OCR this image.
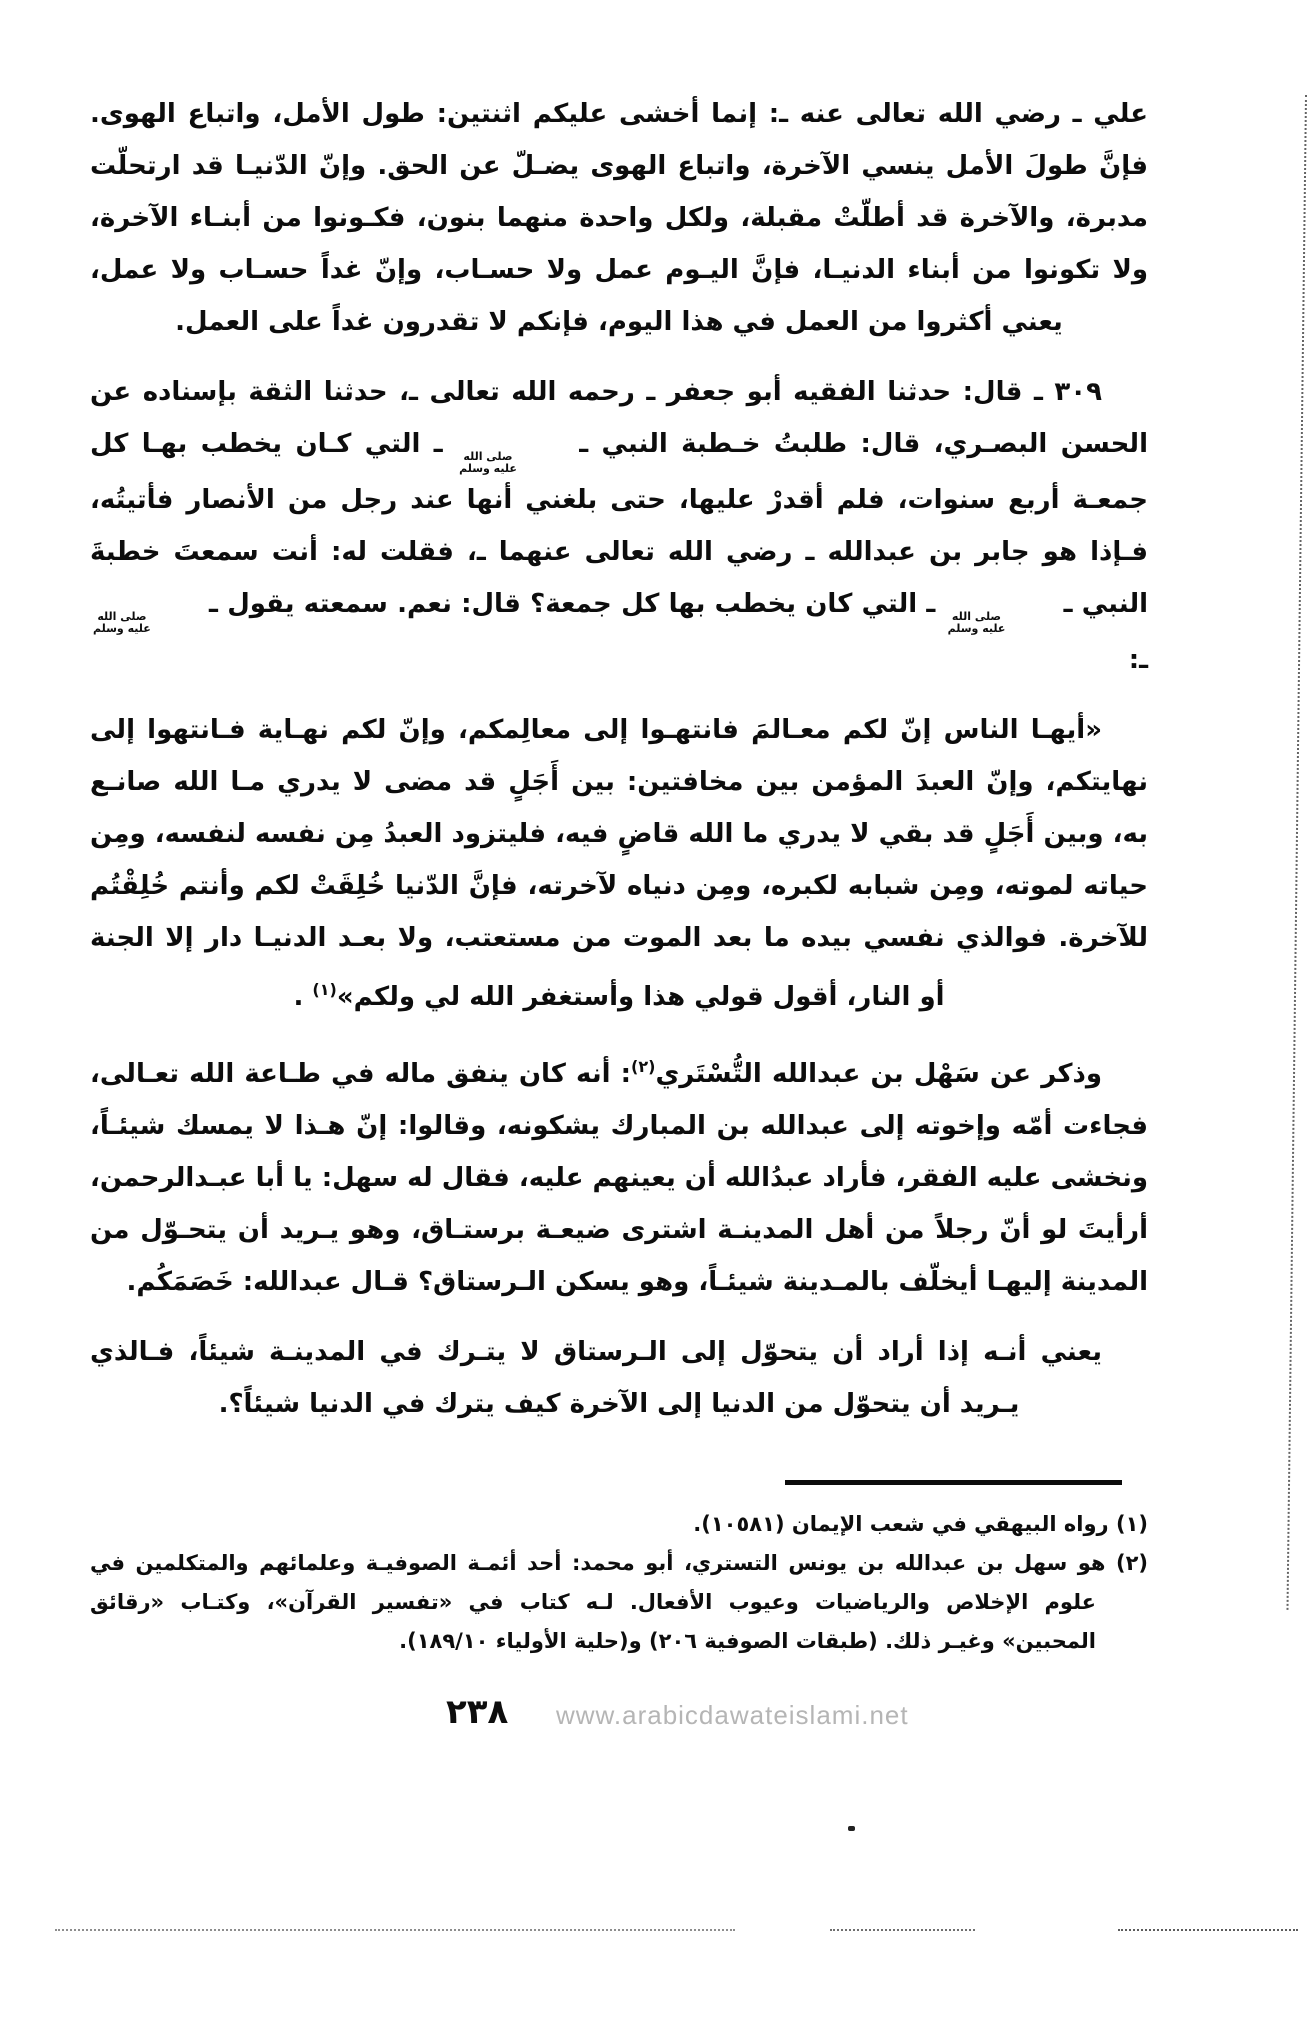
علي ـ رضي الله تعالى عنه ـ: إنما أخشى عليكم اثنتين: طول الأمل، واتباع الهوى. فإنَّ طولَ الأمل ينسي الآخرة، واتباع الهوى يضـلّ عن الحق. وإنّ الدّنيـا قد ارتحلّت مدبرة، والآخرة قد أطلّتْ مقبلة، ولكل واحدة منهما بنون، فكـونوا من أبنـاء الآخرة، ولا تكونوا من أبناء الدنيـا، فإنَّ اليـوم عمل ولا حسـاب، وإنّ غداً حسـاب ولا عمل، يعني أكثروا من العمل في هذا اليوم، فإنكم لا تقدرون غداً على العمل.

٣٠٩ ـ قال: حدثنا الفقيه أبو جعفر ـ رحمه الله تعالى ـ، حدثنا الثقة بإسناده عن الحسن البصـري، قال: طلبتُ خـطبة النبي ـ
صلى الله
عليه وسلم
ـ التي كـان يخطب بهـا كل جمعـة أربع سنوات، فلم أقدرْ عليها، حتى بلغني أنها عند رجل من الأنصار فأتيتُه، فـإذا هو جابر بن عبدالله ـ رضي الله تعالى عنهما ـ، فقلت له: أنت سمعتَ خطبةَ النبي ـ
صلى الله
عليه وسلم
ـ التي كان يخطب بها كل جمعة؟ قال: نعم. سمعته يقول ـ
صلى الله
عليه وسلم
ـ:

«أيهـا الناس إنّ لكم معـالمَ فانتهـوا إلى معالِمكم، وإنّ لكم نهـاية فـانتهوا إلى نهايتكم، وإنّ العبدَ المؤمن بين مخافتين: بين أَجَلٍ قد مضى لا يدري مـا الله صانـع به، وبين أَجَلٍ قد بقي لا يدري ما الله قاضٍ فيه، فليتزود العبدُ مِن نفسه لنفسه، ومِن حياته لموته، ومِن شبابه لكبره، ومِن دنياه لآخرته، فإنَّ الدّنيا خُلِقَتْ لكم وأنتم خُلِقْتُم للآخرة. فوالذي نفسي بيده ما بعد الموت من مستعتب، ولا بعـد الدنيـا دار إلا الجنة أو النار، أقول قولي هذا وأستغفر الله لي ولكم»$^{(١)}$ .

وذكر عن سَهْل بن عبدالله التُّسْتَري$^{(٢)}$: أنه كان ينفق ماله في طـاعة الله تعـالى، فجاءت أمّه وإخوته إلى عبدالله بن المبارك يشكونه، وقالوا: إنّ هـذا لا يمسك شيئـاً، ونخشى عليه الفقر، فأراد عبدُالله أن يعينهم عليه، فقال له سهل: يا أبا عبـدالرحمن، أرأيتَ لو أنّ رجلاً من أهل المدينـة اشترى ضيعـة برستـاق، وهو يـريد أن يتحـوّل من المدينة إليهـا أيخلّف بالمـدينة شيئـاً، وهو يسكن الـرستاق؟ قـال عبدالله: خَصَمَكُم.

يعني أنـه إذا أراد أن يتحوّل إلى الـرستاق لا يتـرك في المدينـة شيئاً، فـالذي يـريد أن يتحوّل من الدنيا إلى الآخرة كيف يترك في الدنيا شيئاً؟.

(١) رواه البيهقي في شعب الإيمان (١٠٥٨١).
(٢) هو سهل بن عبدالله بن يونس التستري، أبو محمد: أحد أئمـة الصوفيـة وعلمائهم والمتكلمين في علوم الإخلاص والرياضيات وعيوب الأفعال. لـه كتاب في «تفسير القرآن»، وكتـاب «رقائق المحبين» وغيـر ذلك. (طبقات الصوفية ٢٠٦) و(حلية الأولياء ١٨٩/١٠).
٢٣٨ www.arabicdawateislami.net
